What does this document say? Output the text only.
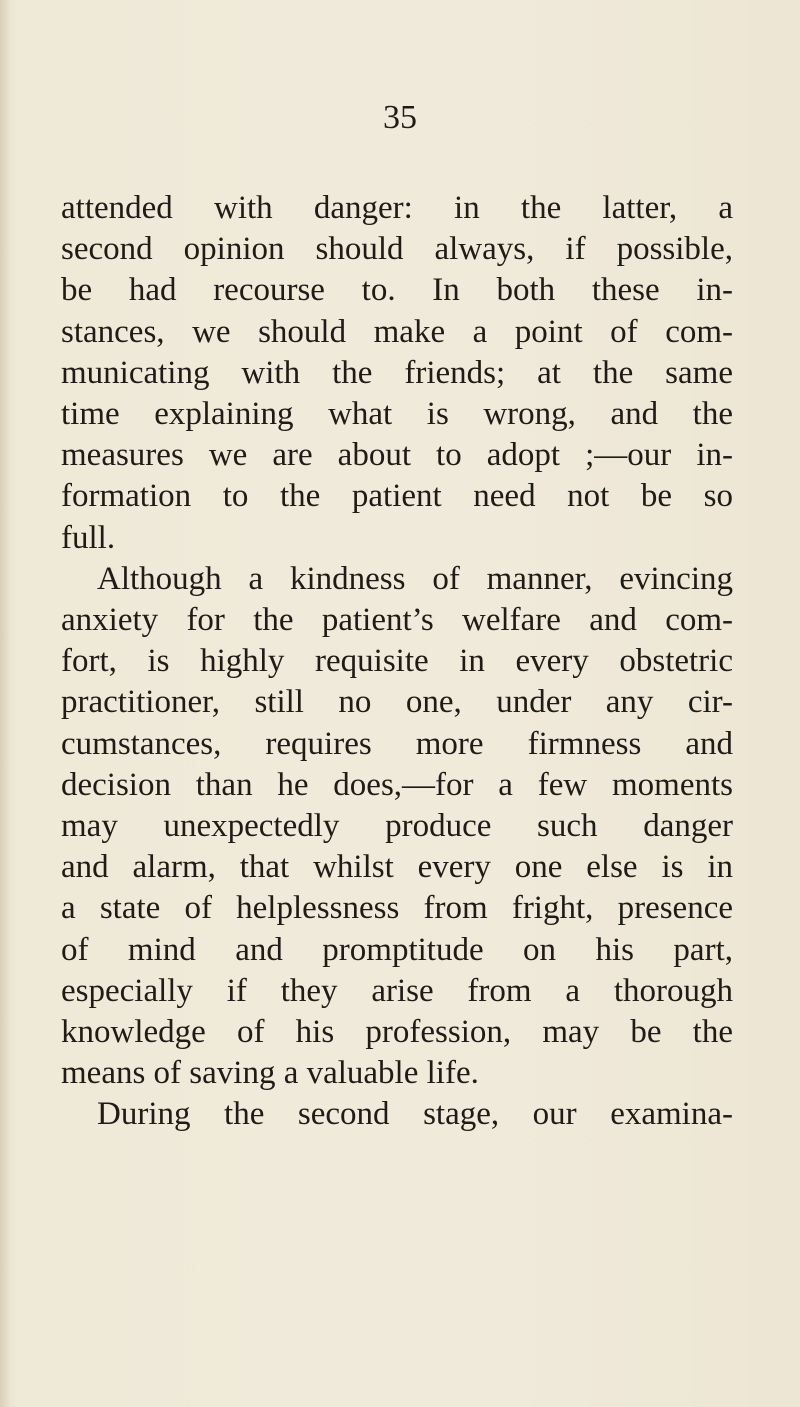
35
attended with danger: in the latter, a
second opinion should always, if possible,
be had recourse to. In both these in-
stances, we should make a point of com-
municating with the friends; at the same
time explaining what is wrong, and the
measures we are about to adopt ;—our in-
formation to the patient need not be so
full.
Although a kindness of manner, evincing
anxiety for the patient’s welfare and com-
fort, is highly requisite in every obstetric
practitioner, still no one, under any cir-
cumstances, requires more firmness and
decision than he does,—for a few moments
may unexpectedly produce such danger
and alarm, that whilst every one else is in
a state of helplessness from fright, presence
of mind and promptitude on his part,
especially if they arise from a thorough
knowledge of his profession, may be the
means of saving a valuable life.
During the second stage, our examina-
